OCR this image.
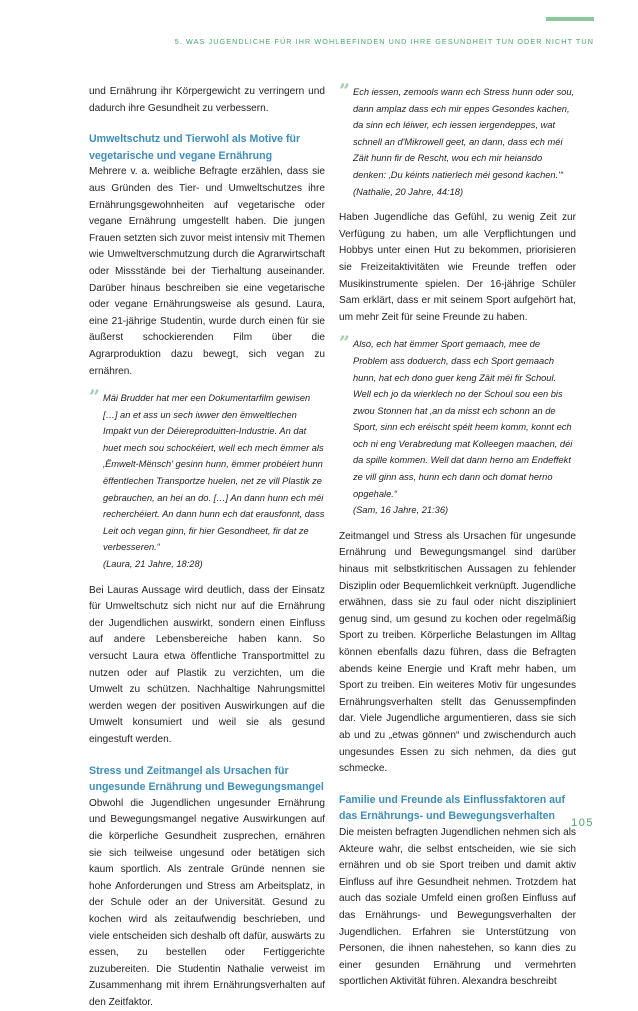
5. WAS JUGENDLICHE FÜR IHR WOHLBEFINDEN UND IHRE GESUNDHEIT TUN ODER NICHT TUN

und Ernährung ihr Körpergewicht zu verringern und dadurch ihre Gesundheit zu verbessern.

Umweltschutz und Tierwohl als Motive für vegetarische und vegane Ernährung

Mehrere v. a. weibliche Befragte erzählen, dass sie aus Gründen des Tier- und Umweltschutzes ihre Ernährungsgewohnheiten auf vegetarische oder vegane Ernährung umgestellt haben. Die jungen Frauen setzten sich zuvor meist intensiv mit Themen wie Umweltverschmutzung durch die Agrarwirtschaft oder Missstände bei der Tierhaltung auseinander. Darüber hinaus beschreiben sie eine vegetarische oder vegane Ernährungsweise als gesund. Laura, eine 21-jährige Studentin, wurde durch einen für sie äußerst schockierenden Film über die Agrarproduktion dazu bewegt, sich vegan zu ernähren.

” Mäi Brudder hat mer een Dokumentarfilm gewisen […] an et ass un sech iwwer den ëmweltlechen Impakt vun der Déiereproduitten-Industrie. An dat huet mech sou schockéiert, well ech mech ëmmer als ‚Ëmwelt-Mënsch' gesinn hunn, ëmmer probéiert hunn ëffentlechen Transportze huelen, net ze vill Plastik ze gebrauchen, an hei an do. […] An dann hunn ech méi recherchéiert. An dann hunn ech dat erausfonnt, dass Leit och vegan ginn, fir hier Gesondheet, fir dat ze verbesseren.“

(Laura, 21 Jahre, 18:28)

Bei Lauras Aussage wird deutlich, dass der Einsatz für Umweltschutz sich nicht nur auf die Ernährung der Jugendlichen auswirkt, sondern einen Einfluss auf andere Lebensbereiche haben kann. So versucht Laura etwa öffentliche Transportmittel zu nutzen oder auf Plastik zu verzichten, um die Umwelt zu schützen. Nachhaltige Nahrungsmittel werden wegen der positiven Auswirkungen auf die Umwelt konsumiert und weil sie als gesund eingestuft werden.

Stress und Zeitmangel als Ursachen für ungesunde Ernährung und Bewegungsmangel

Obwohl die Jugendlichen ungesunder Ernährung und Bewegungsmangel negative Auswirkungen auf die körperliche Gesundheit zusprechen, ernähren sie sich teilweise ungesund oder betätigen sich kaum sportlich. Als zentrale Gründe nennen sie hohe Anforderungen und Stress am Arbeitsplatz, in der Schule oder an der Universität. Gesund zu kochen wird als zeitaufwendig beschrieben, und viele entscheiden sich deshalb oft dafür, auswärts zu essen, zu bestellen oder Fertiggerichte zuzubereiten. Die Studentin Nathalie verweist im Zusammenhang mit ihrem Ernährungsverhalten auf den Zeitfaktor.

” Ech iessen, zemools wann ech Stress hunn oder sou, dann amplaz dass ech mir eppes Gesondes kachen, da sinn ech léiwer, ech iessen iergendeppes, wat schnell an d'Mikrowell geet, an dann, dass ech méi Zäit hunn fir de Rescht, wou ech mir heiansdo denken: ‚Du kéints natierlech méi gesond kachen.'“

(Nathalie, 20 Jahre, 44:18)

Haben Jugendliche das Gefühl, zu wenig Zeit zur Verfügung zu haben, um alle Verpflichtungen und Hobbys unter einen Hut zu bekommen, priorisieren sie Freizeitaktivitäten wie Freunde treffen oder Musikinstrumente spielen. Der 16-jährige Schüler Sam erklärt, dass er mit seinem Sport aufgehört hat, um mehr Zeit für seine Freunde zu haben.

” Also, ech hat ëmmer Sport gemaach, mee de Problem ass doduerch, dass ech Sport gemaach hunn, hat ech dono guer keng Zäit méi fir Schoul. Well ech jo da wierklech no der Schoul sou een bis zwou Stonnen hat ‚an da misst ech schonn an de Sport, sinn ech eréischt spéit heem komm, konnt ech och ni eng Verabredung mat Kolleegen maachen, déi da spille kommen. Well dat dann herno am Endeffekt ze vill ginn ass, hunn ech dann och domat herno opgehale.“

(Sam, 16 Jahre, 21:36)

Zeitmangel und Stress als Ursachen für ungesunde Ernährung und Bewegungsmangel sind darüber hinaus mit selbstkritischen Aussagen zu fehlender Disziplin oder Bequemlichkeit verknüpft. Jugendliche erwähnen, dass sie zu faul oder nicht diszipliniert genug sind, um gesund zu kochen oder regelmäßig Sport zu treiben. Körperliche Belastungen im Alltag können ebenfalls dazu führen, dass die Befragten abends keine Energie und Kraft mehr haben, um Sport zu treiben. Ein weiteres Motiv für ungesundes Ernährungsverhalten stellt das Genussempfinden dar. Viele Jugendliche argumentieren, dass sie sich ab und zu „etwas gönnen“ und zwischendurch auch ungesundes Essen zu sich nehmen, da dies gut schmecke.

Familie und Freunde als Einflussfaktoren auf das Ernährungs- und Bewegungsverhalten

Die meisten befragten Jugendlichen nehmen sich als Akteure wahr, die selbst entscheiden, wie sie sich ernähren und ob sie Sport treiben und damit aktiv Einfluss auf ihre Gesundheit nehmen. Trotzdem hat auch das soziale Umfeld einen großen Einfluss auf das Ernährungs- und Bewegungsverhalten der Jugendlichen. Erfahren sie Unterstützung von Personen, die ihnen nahestehen, so kann dies zu einer gesunden Ernährung und vermehrten sportlichen Aktivität führen. Alexandra beschreibt

105
